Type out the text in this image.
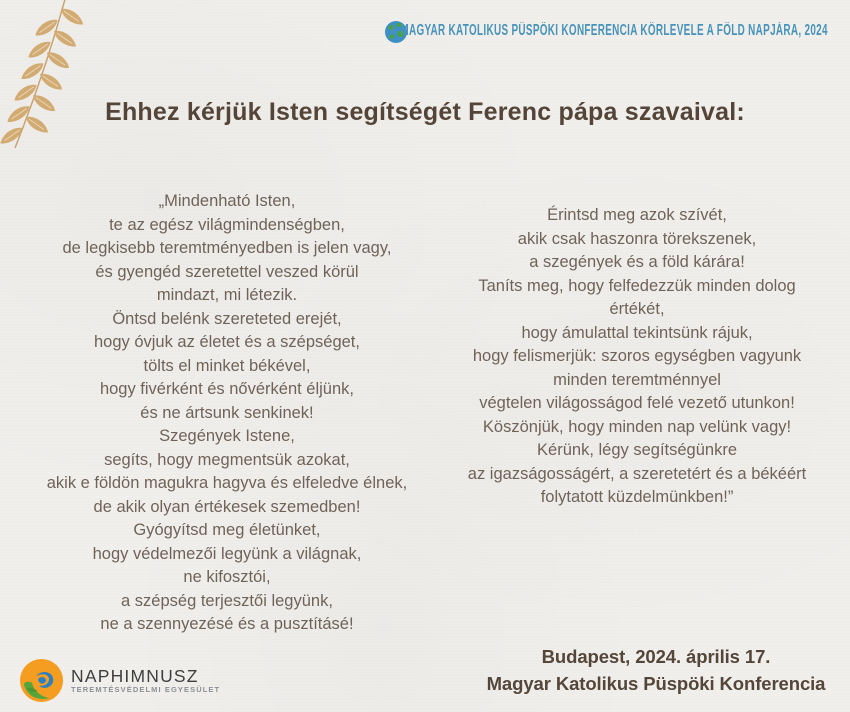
A MAGYAR KATOLIKUS PÜSPÖKI KONFERENCIA KÖRLEVELE A FÖLD NAPJÁRA, 2024
Ehhez kérjük Isten segítségét Ferenc pápa szavaival:
„Mindenható Isten,
te az egész világmindenségben,
de legkisebb teremtményedben is jelen vagy,
és gyengéd szeretettel veszed körül
mindazt, mi létezik.
Öntsd belénk szereteted erejét,
hogy óvjuk az életet és a szépséget,
tölts el minket békével,
hogy fivérként és nővérként éljünk,
és ne ártsunk senkinek!
Szegények Istene,
segíts, hogy megmentsük azokat,
akik e földön magukra hagyva és elfeledve élnek,
de akik olyan értékesek szemedben!
Gyógyítsd meg életünket,
hogy védelmezői legyünk a világnak,
ne kifosztói,
a szépség terjesztői legyünk,
ne a szennyezésé és a pusztításé!
Érintsd meg azok szívét,
akik csak haszonra törekszenek,
a szegények és a föld kárára!
Taníts meg, hogy felfedezzük minden dolog
értékét,
hogy ámulattal tekintsünk rájuk,
hogy felismerjük: szoros egységben vagyunk
minden teremtménnyel
végtelen világosságod felé vezető utunkon!
Köszönjük, hogy minden nap velünk vagy!
Kérünk, légy segítségünkre
az igazságosságért, a szeretetért és a békéért
folytatott küzdelmünkben!”
NAPHIMNUSZ
TEREMTÉSVÉDELMI EGYESÜLET
Budapest, 2024. április 17.
Magyar Katolikus Püspöki Konferencia
